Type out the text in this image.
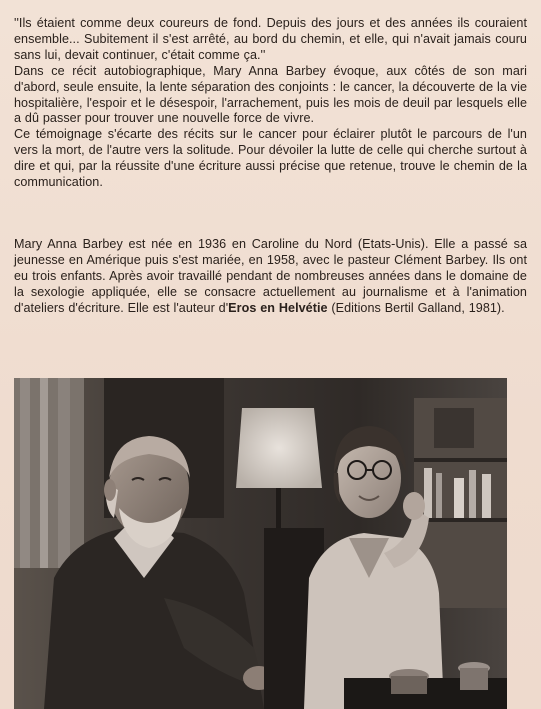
''Ils étaient comme deux coureurs de fond. Depuis des jours et des années ils couraient ensemble... Subitement il s'est arrêté, au bord du chemin, et elle, qui n'avait jamais couru sans lui, devait continuer, c'était comme ça.''

Dans ce récit autobiographique, Mary Anna Barbey évoque, aux côtés de son mari d'abord, seule ensuite, la lente séparation des conjoints : le cancer, la découverte de la vie hospitalière, l'espoir et le désespoir, l'arrachement, puis les mois de deuil par lesquels elle a dû passer pour trouver une nouvelle force de vivre.

Ce témoignage s'écarte des récits sur le cancer pour éclairer plutôt le parcours de l'un vers la mort, de l'autre vers la solitude. Pour dévoiler la lutte de celle qui cherche surtout à dire et qui, par la réussite d'une écriture aussi précise que retenue, trouve le chemin de la communication.

Mary Anna Barbey est née en 1936 en Caroline du Nord (Etats-Unis). Elle a passé sa jeunesse en Amérique puis s'est mariée, en 1958, avec le pasteur Clément Barbey. Ils ont eu trois enfants. Après avoir travaillé pendant de nombreuses années dans le domaine de la sexologie appliquée, elle se consacre actuellement au journalisme et à l'animation d'ateliers d'écriture. Elle est l'auteur d'Eros en Helvétie (Editions Bertil Galland, 1981).
